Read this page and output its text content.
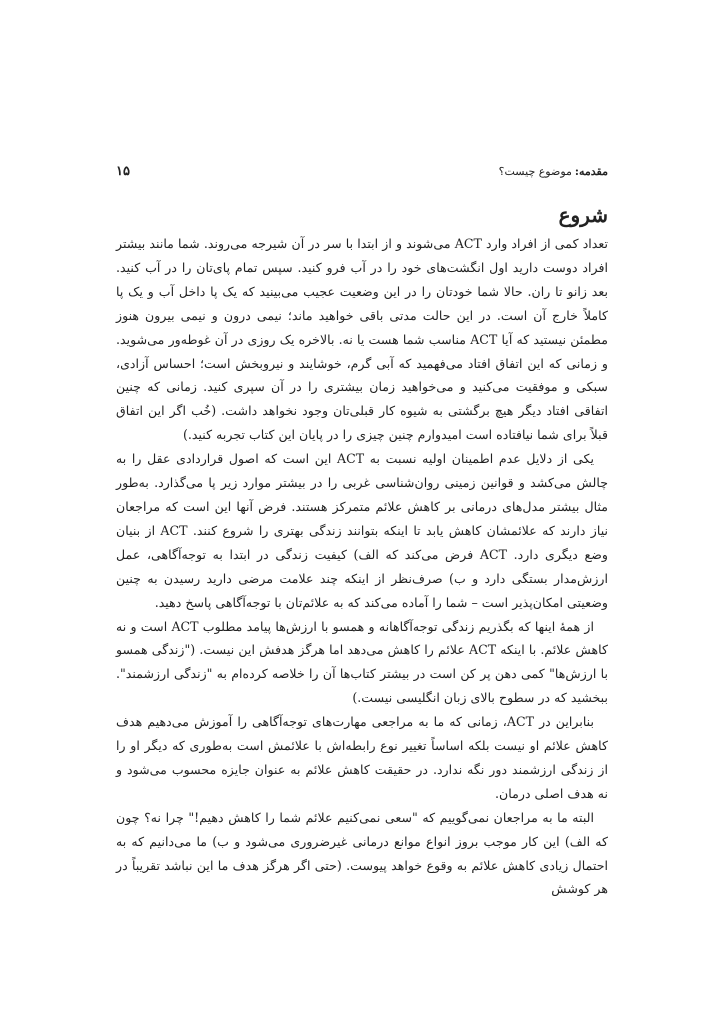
مقدمه:
موضوع چیست؟
۱۵
شروع

تعداد کمی از افراد وارد ACT می‌شوند و از ابتدا با سر در آن شیرجه می‌روند. شما مانند بیشتر افراد دوست دارید اول انگشت‌های خود را در آب فرو کنید. سپس تمام پای‌تان را در آب کنید. بعد زانو تا ران. حالا شما خودتان را در این وضعیت عجیب می‌بینید که یک پا داخل آب و یک پا کاملاً خارج آن است. در این حالت مدتی باقی خواهید ماند؛ نیمی درون و نیمی بیرون هنوز مطمئن نیستید که آیا ACT مناسب شما هست یا نه. بالاخره یک روزی در آن غوطه‌ور می‌شوید. و زمانی که این اتفاق افتاد می‌فهمید که آبی گرم، خوشایند و نیروبخش است؛ احساس آزادی، سبکی و موفقیت می‌کنید و می‌خواهید زمان بیشتری را در آن سپری کنید. زمانی که چنین اتفاقی افتاد دیگر هیچ برگشتی به شیوه کار قبلی‌تان وجود نخواهد داشت. (خُب اگر این اتفاق قبلاً برای شما نیافتاده است امیدوارم چنین چیزی را در پایان این کتاب تجربه کنید.)

یکی از دلایل عدم اطمینان اولیه نسبت به ACT این است که اصول قراردادی عقل را به چالش می‌کشد و قوانین زمینی روان‌شناسی غربی را در بیشتر موارد زیر پا می‌گذارد. به‌طور مثال بیشتر مدل‌های درمانی بر کاهش علائم متمرکز هستند. فرض آنها این است که مراجعان نیاز دارند که علائمشان کاهش یابد تا اینکه بتوانند زندگی بهتری را شروع کنند. ACT از بنیان وضع دیگری دارد. ACT فرض می‌کند که الف) کیفیت زندگی در ابتدا به توجه‌آگاهی، عمل ارزش‌مدار بستگی دارد و ب) صرف‌نظر از اینکه چند علامت مرضی دارید رسیدن به چنین وضعیتی امکان‌پذیر است – شما را آماده می‌کند که به علائم‌تان با توجه‌آگاهی پاسخ دهید.

از همهٔ اینها که بگذریم زندگی توجه‌آگاهانه و همسو با ارزش‌ها پیامد مطلوب ACT است و نه کاهش علائم. با اینکه ACT علائم را کاهش می‌دهد اما هرگز هدفش این نیست. ("زندگی همسو با ارزش‌ها" کمی دهن پر کن است در بیشتر کتاب‌ها آن را خلاصه کرده‌ام به "زندگی ارزشمند". ببخشید که در سطوح بالای زبان انگلیسی نیست.)

بنابراین در ACT، زمانی که ما به مراجعی مهارت‌های توجه‌آگاهی را آموزش می‌دهیم هدف کاهش علائم او نیست بلکه اساساً تغییر نوع رابطه‌اش با علائمش است به‌طوری که دیگر او را از زندگی ارزشمند دور نگه ندارد. در حقیقت کاهش علائم به عنوان جایزه محسوب می‌شود و نه هدف اصلی درمان.

البته ما به مراجعان نمی‌گوییم که "سعی نمی‌کنیم علائم شما را کاهش دهیم!" چرا نه؟ چون که الف) این کار موجب بروز انواع موانع درمانی غیرضروری می‌شود و ب) ما می‌دانیم که به احتمال زیادی کاهش علائم به وقوع خواهد پیوست. (حتی اگر هرگز هدف ما این نباشد تقریباً در هر کوشش
